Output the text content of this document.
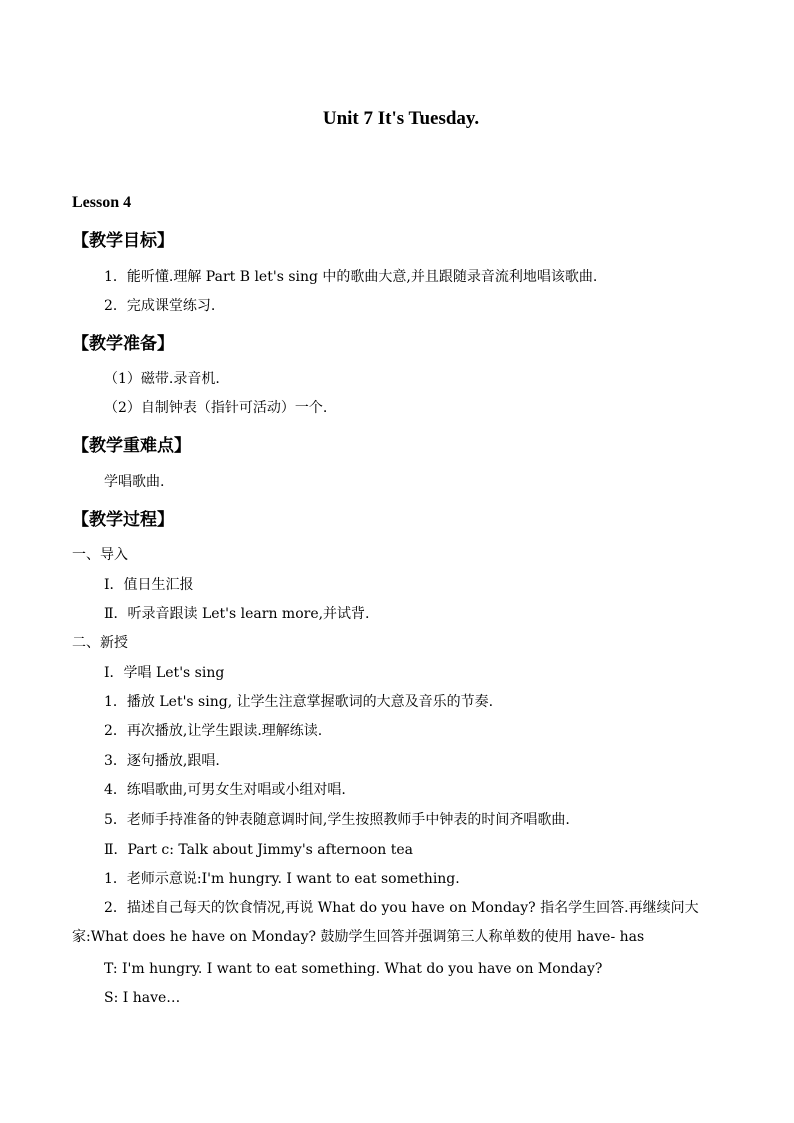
Unit 7 It's Tuesday.
Lesson 4
【教学目标】
1．能听懂.理解 Part B let's sing 中的歌曲大意,并且跟随录音流利地唱该歌曲.
2．完成课堂练习.
【教学准备】
（1）磁带.录音机.
（2）自制钟表（指针可活动）一个.
【教学重难点】
学唱歌曲.
【教学过程】
一、导入
Ⅰ．值日生汇报
Ⅱ．听录音跟读 Let's learn more,并试背.
二、新授
Ⅰ．学唱 Let's sing
1．播放 Let's sing, 让学生注意掌握歌词的大意及音乐的节奏.
2．再次播放,让学生跟读.理解练读.
3．逐句播放,跟唱.
4．练唱歌曲,可男女生对唱或小组对唱.
5．老师手持准备的钟表随意调时间,学生按照教师手中钟表的时间齐唱歌曲.
Ⅱ．Part c: Talk about Jimmy's afternoon tea
1．老师示意说:I'm hungry. I want to eat something.
2．描述自己每天的饮食情况,再说 What do you have on Monday? 指名学生回答.再继续问大家:What does he have on Monday? 鼓励学生回答并强调第三人称单数的使用 have- has
T: I'm hungry. I want to eat something. What do you have on Monday?
S: I have…
